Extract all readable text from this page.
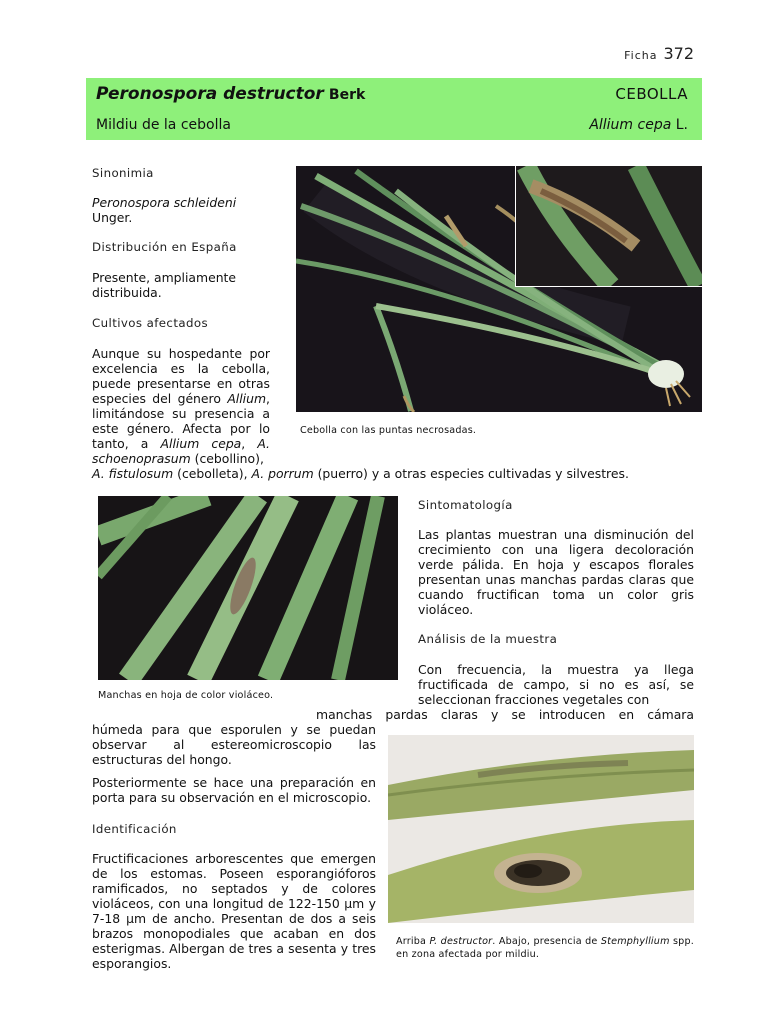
Ficha 372
Peronospora destructor Berk	CEBOLLA
Mildiu de la cebolla	Allium cepa L.
Sinonimia
Peronospora schleideni
Unger.
Distribución en España
Presente, ampliamente distribuida.
Cultivos afectados
Aunque su hospedante por excelencia es la cebolla, puede presentarse en otras especies del género Allium, limitándose su presencia a este género. Afecta por lo tanto, a Allium cepa, A. schoenoprasum (cebollino),
A. fistulosum (cebolleta), A. porrum (puerro) y a otras especies cultivadas y silvestres.
Cebolla con las puntas necrosadas.
Manchas en hoja de color violáceo.
Sintomatología
Las plantas muestran una disminución del crecimiento con una ligera decoloración verde pálida. En hoja y escapos florales presentan unas manchas pardas claras que cuando fructifican toma un color gris violáceo.
Análisis de la muestra
Con frecuencia, la muestra ya llega fructificada de campo, si no es así, se seleccionan fracciones vegetales con
manchas pardas claras y se introducen en cámara
húmeda para que esporulen y se puedan observar al estereomicroscopio las estructuras del hongo.
Posteriormente se hace una preparación en porta para su observación en el microscopio.
Identificación
Fructificaciones arborescentes que emergen de los estomas. Poseen esporangióforos ramificados, no septados y de colores violáceos, con una longitud de 122-150 µm y 7-18 µm de ancho. Presentan de dos a seis brazos monopodiales que acaban en dos esterigmas. Albergan de tres a sesenta y tres esporangios.
Arriba P. destructor. Abajo, presencia de Stemphyllium spp. en zona afectada por mildiu.
